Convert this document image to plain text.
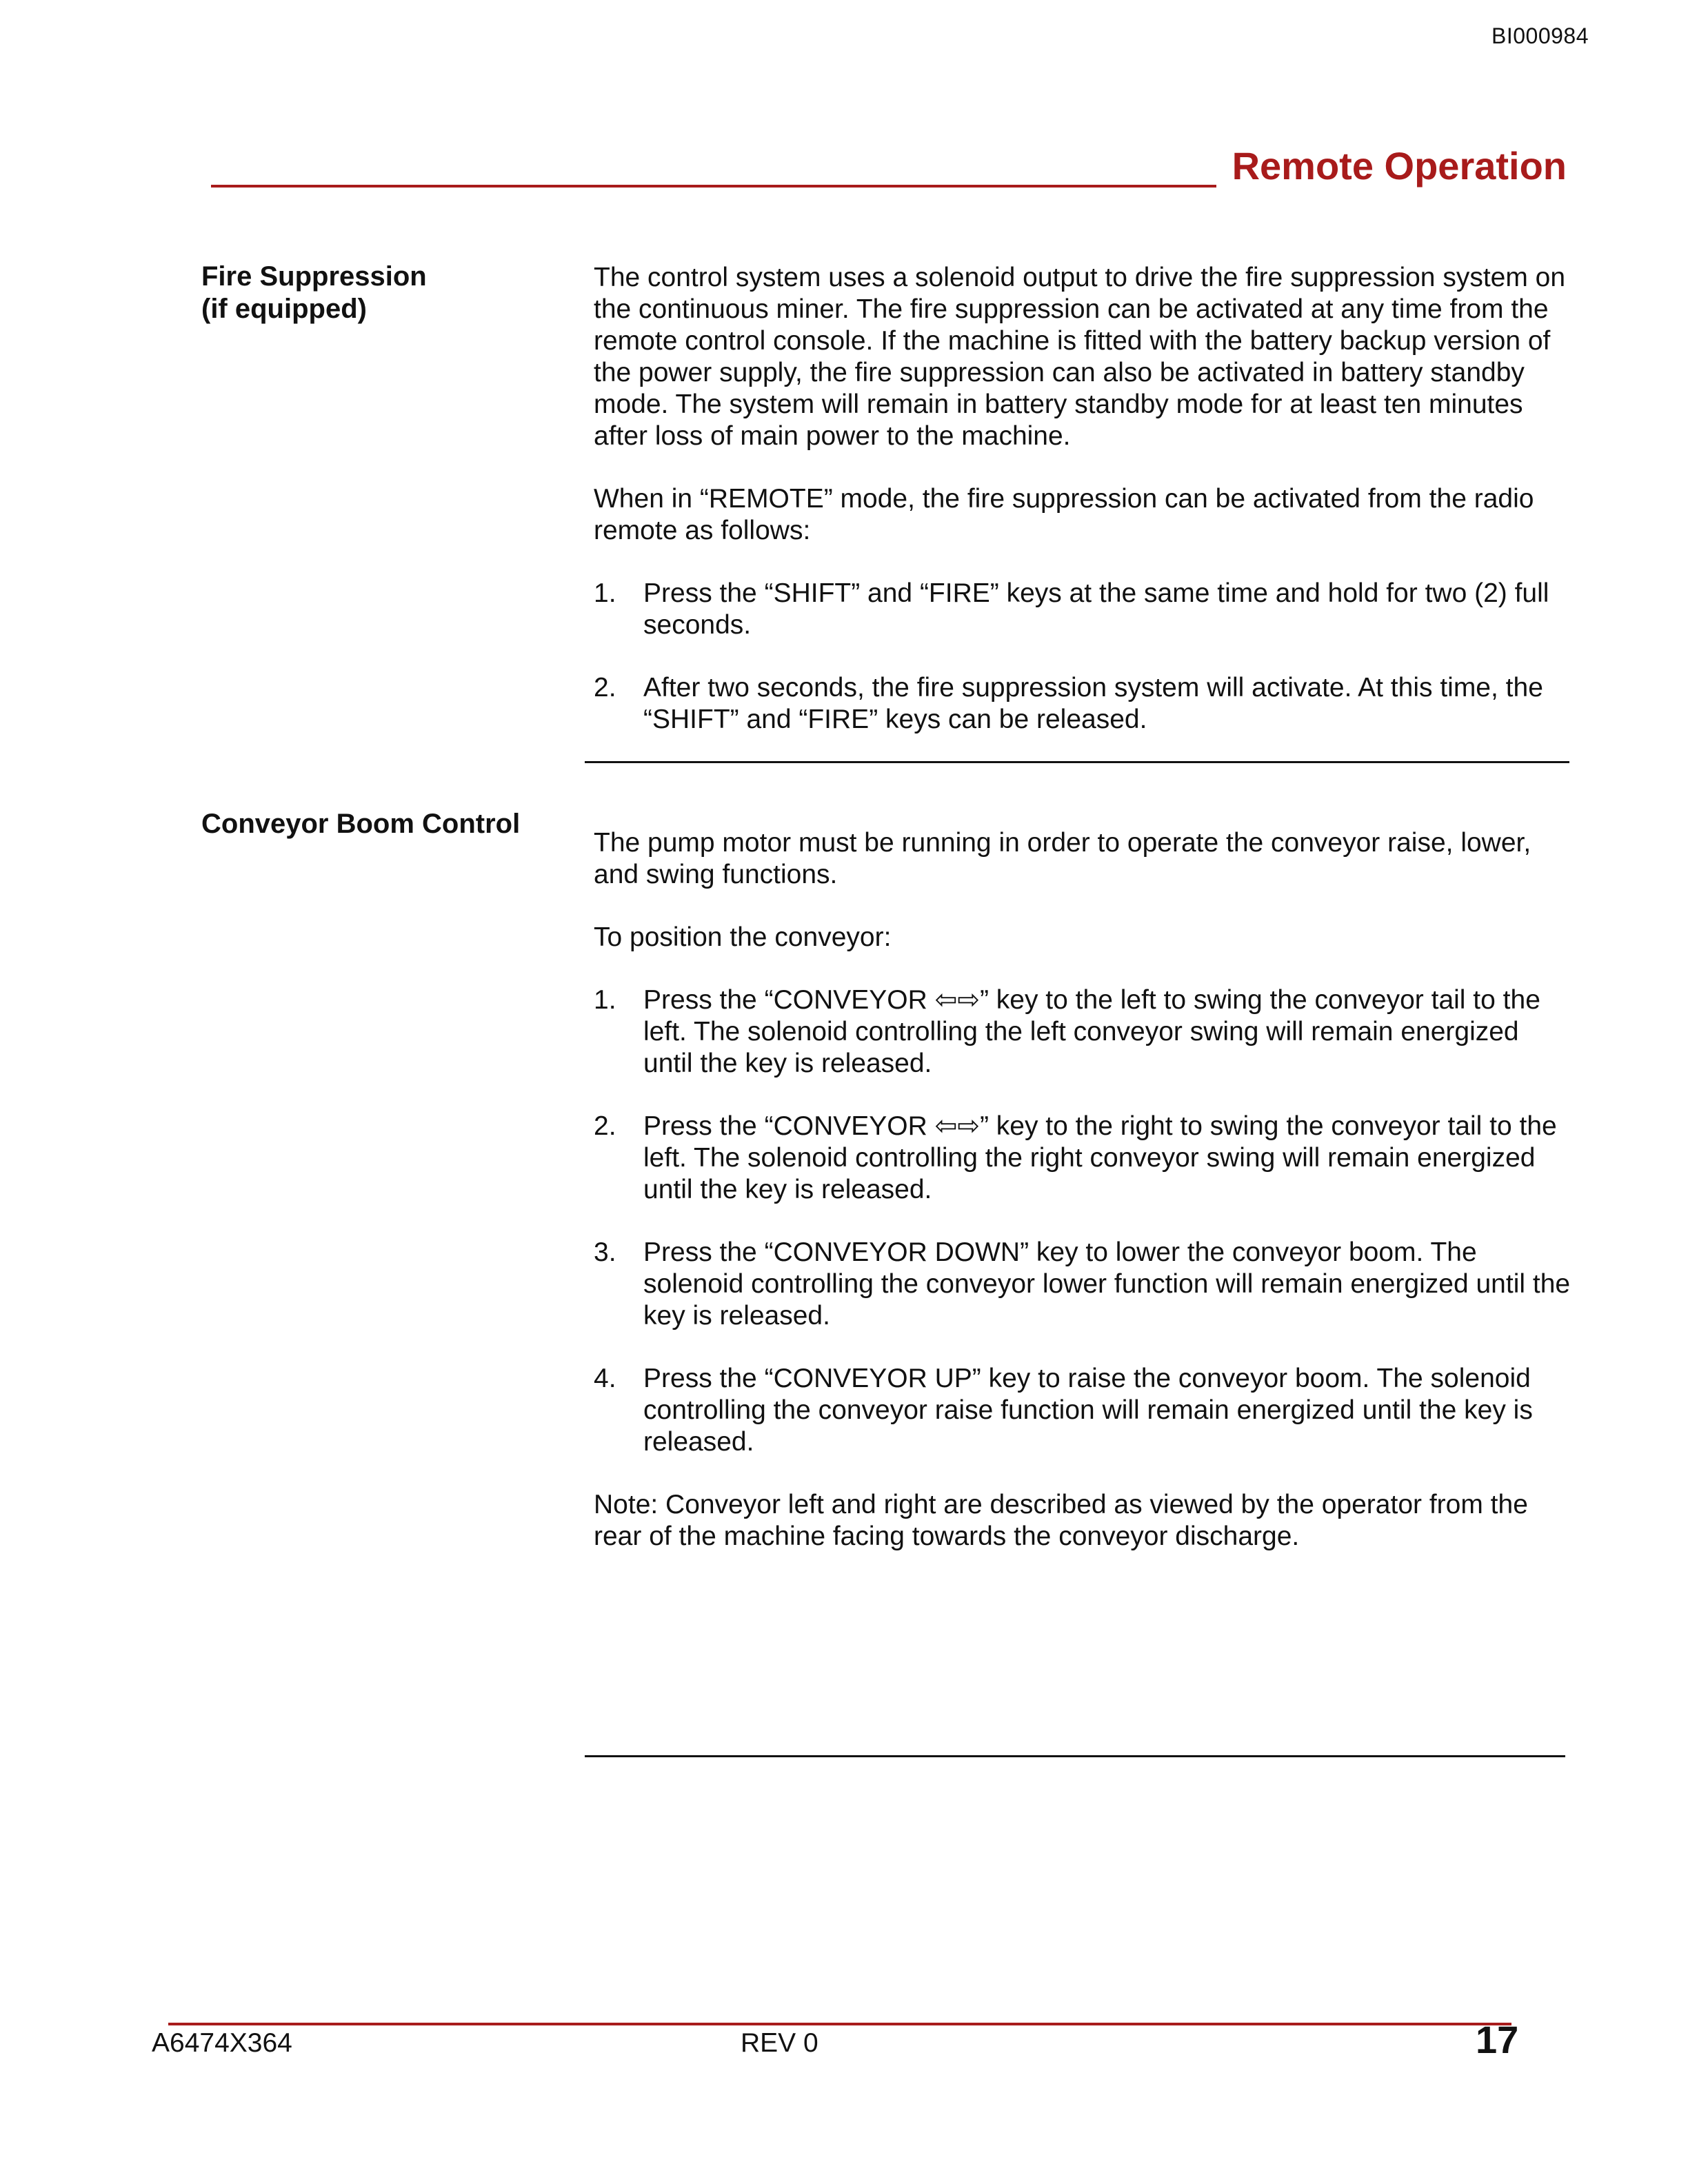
BI000984
Remote Operation
Fire Suppression
(if equipped)

The control system uses a solenoid output to drive the fire suppression system on the continuous miner. The fire suppression can be activated at any time from the remote control console. If the machine is fitted with the battery backup version of the power supply, the fire suppression can also be activated in battery standby mode. The system will remain in battery standby mode for at least ten minutes after loss of main power to the machine.

When in “REMOTE” mode, the fire suppression can be activated from the radio remote as follows:

1.	Press the “SHIFT” and “FIRE” keys at the same time and hold for two (2) full seconds.
2.	After two seconds, the fire suppression system will activate. At this time, the “SHIFT” and “FIRE” keys can be released.
Conveyor Boom Control

The pump motor must be running in order to operate the conveyor raise, lower, and swing functions.

To position the conveyor:

1.	Press the “CONVEYOR ⇦⇨” key to the left to swing the conveyor tail to the left. The solenoid controlling the left conveyor swing will remain energized until the key is released.
2.	Press the “CONVEYOR ⇦⇨” key to the right to swing the conveyor tail to the left. The solenoid controlling the right conveyor swing will remain energized until the key is released.
3.	Press the “CONVEYOR DOWN” key to lower the conveyor boom. The solenoid controlling the conveyor lower function will remain energized until the key is released.
4.	Press the “CONVEYOR UP” key to raise the conveyor boom. The solenoid controlling the conveyor raise function will remain energized until the key is released.

Note: Conveyor left and right are described as viewed by the operator from the rear of the machine facing towards the conveyor discharge.

A6474X364	REV 0	17
